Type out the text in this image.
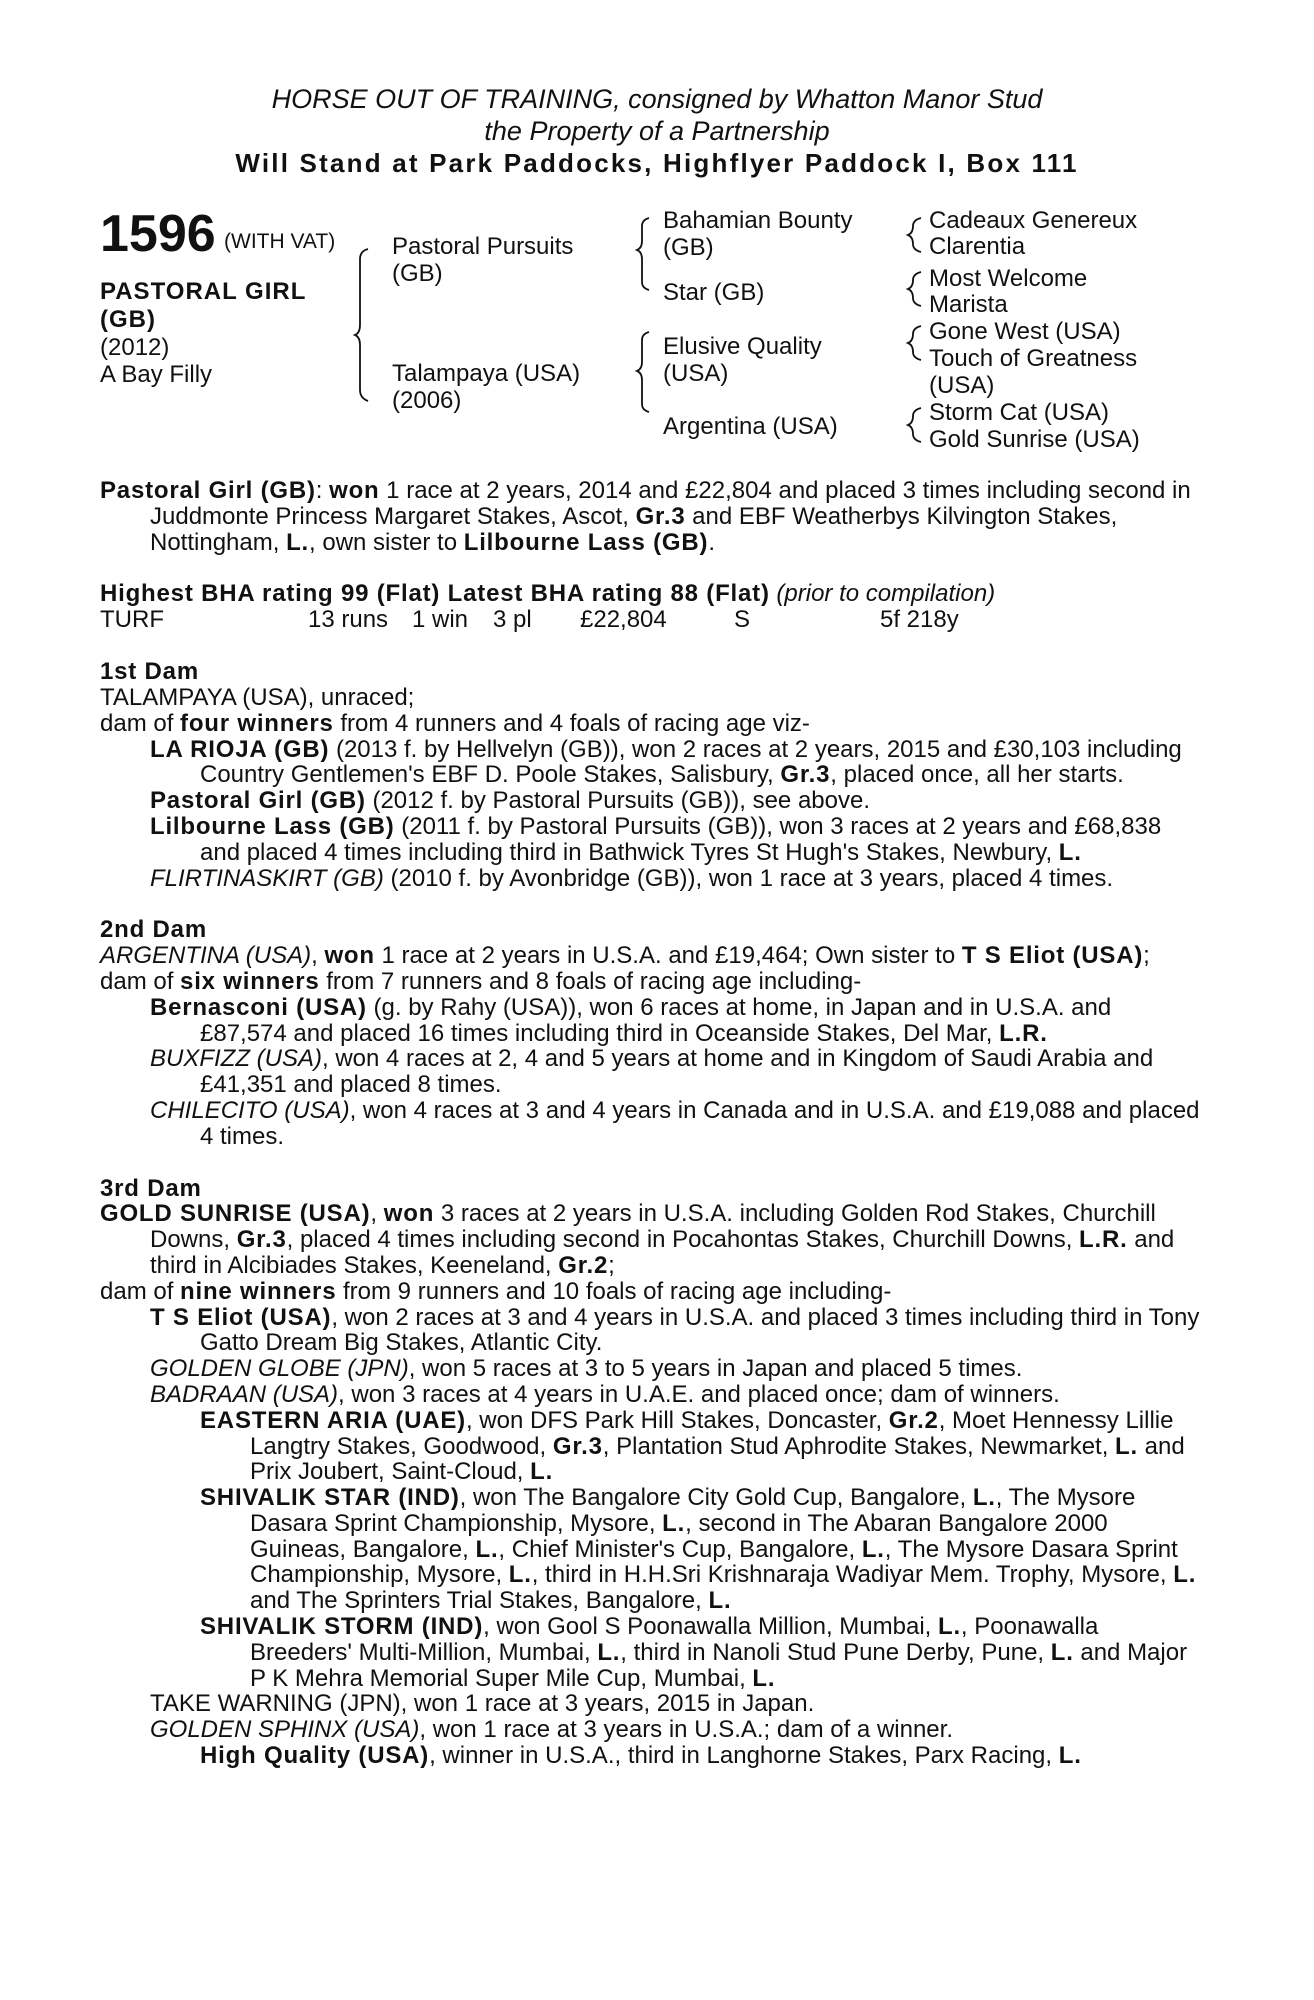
HORSE OUT OF TRAINING, consigned by Whatton Manor Stud
the Property of a Partnership
Will Stand at Park Paddocks, Highflyer Paddock I, Box 111
1596 (WITH VAT)
PASTORAL GIRL (GB)
(2012)
A Bay Filly
Pastoral Pursuits
(GB)
Talampaya (USA)
(2006)
Bahamian Bounty
(GB)
Star (GB)
Elusive Quality
(USA)
Argentina (USA)
Cadeaux Genereux
Clarentia
Most Welcome
Marista
Gone West (USA)
Touch of Greatness
(USA)
Storm Cat (USA)
Gold Sunrise (USA)

Pastoral Girl (GB): won 1 race at 2 years, 2014 and £22,804 and placed 3 times including second in Juddmonte Princess Margaret Stakes, Ascot, Gr.3 and EBF Weatherbys Kilvington Stakes, Nottingham, L., own sister to Lilbourne Lass (GB).

Highest BHA rating 99 (Flat) Latest BHA rating 88 (Flat) (prior to compilation)

TURF	13 runs 1 win 3 pl £22,804	S	5f 218y

1st Dam

TALAMPAYA (USA), unraced;

dam of four winners from 4 runners and 4 foals of racing age viz-

LA RIOJA (GB) (2013 f. by Hellvelyn (GB)), won 2 races at 2 years, 2015 and £30,103 including Country Gentlemen's EBF D. Poole Stakes, Salisbury, Gr.3, placed once, all her starts.

Pastoral Girl (GB) (2012 f. by Pastoral Pursuits (GB)), see above.

Lilbourne Lass (GB) (2011 f. by Pastoral Pursuits (GB)), won 3 races at 2 years and £68,838 and placed 4 times including third in Bathwick Tyres St Hugh's Stakes, Newbury, L.

FLIRTINASKIRT (GB) (2010 f. by Avonbridge (GB)), won 1 race at 3 years, placed 4 times.

2nd Dam

ARGENTINA (USA), won 1 race at 2 years in U.S.A. and £19,464; Own sister to T S Eliot (USA);

dam of six winners from 7 runners and 8 foals of racing age including-

Bernasconi (USA) (g. by Rahy (USA)), won 6 races at home, in Japan and in U.S.A. and £87,574 and placed 16 times including third in Oceanside Stakes, Del Mar, L.R.

BUXFIZZ (USA), won 4 races at 2, 4 and 5 years at home and in Kingdom of Saudi Arabia and £41,351 and placed 8 times.

CHILECITO (USA), won 4 races at 3 and 4 years in Canada and in U.S.A. and £19,088 and placed 4 times.

3rd Dam

GOLD SUNRISE (USA), won 3 races at 2 years in U.S.A. including Golden Rod Stakes, Churchill Downs, Gr.3, placed 4 times including second in Pocahontas Stakes, Churchill Downs, L.R. and third in Alcibiades Stakes, Keeneland, Gr.2;

dam of nine winners from 9 runners and 10 foals of racing age including-

T S Eliot (USA), won 2 races at 3 and 4 years in U.S.A. and placed 3 times including third in Tony Gatto Dream Big Stakes, Atlantic City.

GOLDEN GLOBE (JPN), won 5 races at 3 to 5 years in Japan and placed 5 times.

BADRAAN (USA), won 3 races at 4 years in U.A.E. and placed once; dam of winners.

EASTERN ARIA (UAE), won DFS Park Hill Stakes, Doncaster, Gr.2, Moet Hennessy Lillie Langtry Stakes, Goodwood, Gr.3, Plantation Stud Aphrodite Stakes, Newmarket, L. and Prix Joubert, Saint-Cloud, L.

SHIVALIK STAR (IND), won The Bangalore City Gold Cup, Bangalore, L., The Mysore Dasara Sprint Championship, Mysore, L., second in The Abaran Bangalore 2000 Guineas, Bangalore, L., Chief Minister's Cup, Bangalore, L., The Mysore Dasara Sprint Championship, Mysore, L., third in H.H.Sri Krishnaraja Wadiyar Mem. Trophy, Mysore, L. and The Sprinters Trial Stakes, Bangalore, L.

SHIVALIK STORM (IND), won Gool S Poonawalla Million, Mumbai, L., Poonawalla Breeders' Multi-Million, Mumbai, L., third in Nanoli Stud Pune Derby, Pune, L. and Major P K Mehra Memorial Super Mile Cup, Mumbai, L.

TAKE WARNING (JPN), won 1 race at 3 years, 2015 in Japan.

GOLDEN SPHINX (USA), won 1 race at 3 years in U.S.A.; dam of a winner.

High Quality (USA), winner in U.S.A., third in Langhorne Stakes, Parx Racing, L.
